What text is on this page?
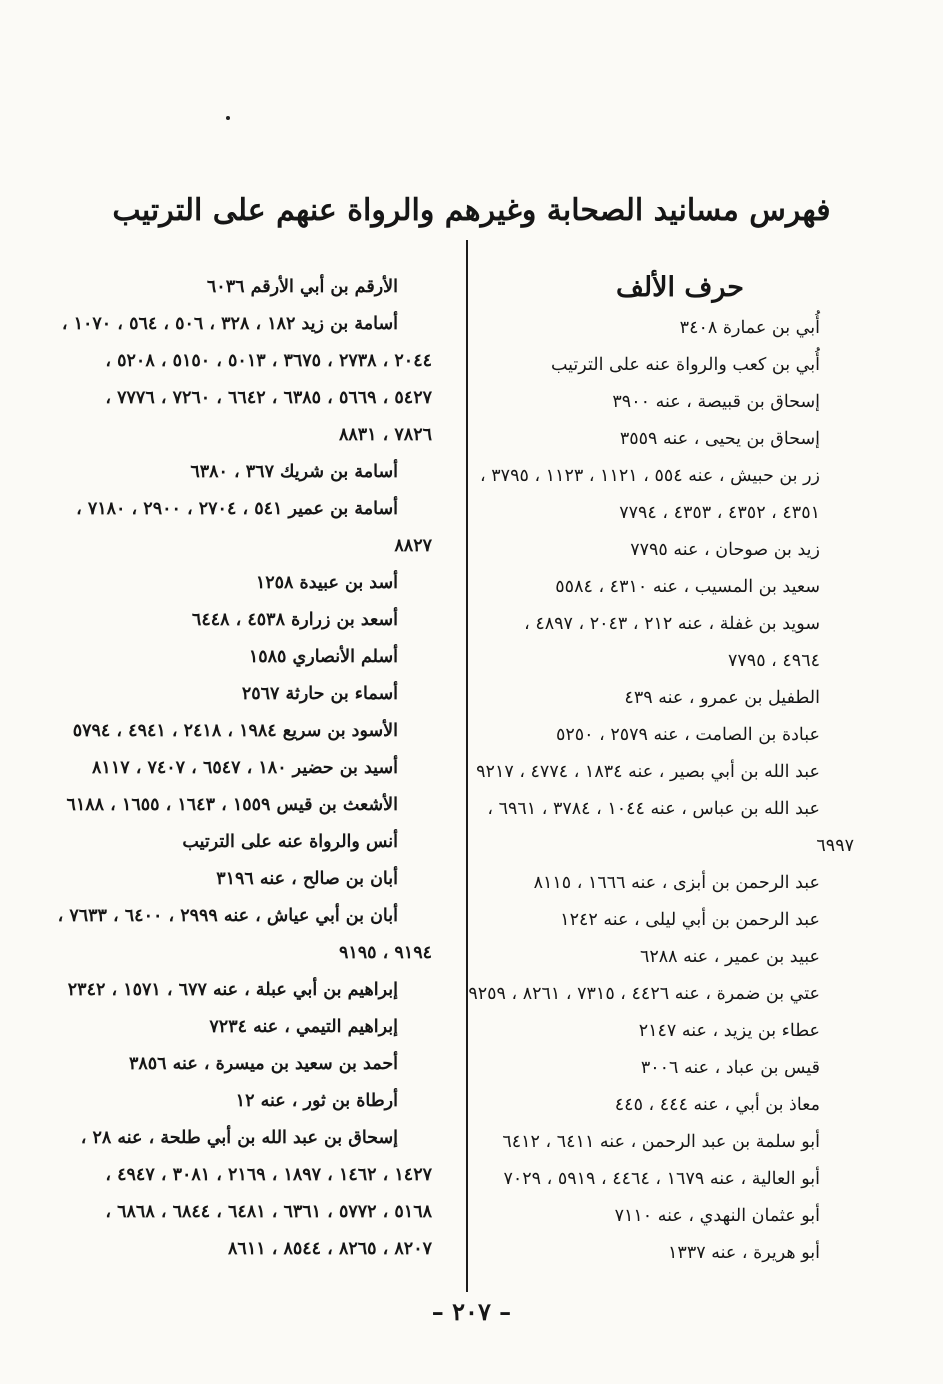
فهرس مسانيد الصحابة وغيرهم والرواة عنهم على الترتيب
حرف الألف
أُبي بن عمارة ٣٤٠٨
أُبي بن كعب والرواة عنه على الترتيب
إسحاق بن قبيصة ، عنه ٣٩٠٠
إسحاق بن يحيى ، عنه ٣٥٥٩
زر بن حبيش ، عنه ٥٥٤ ، ١١٢١ ، ١١٢٣ ، ٣٧٩٥ ،
٤٣٥١ ، ٤٣٥٢ ، ٤٣٥٣ ، ٧٧٩٤
زيد بن صوحان ، عنه ٧٧٩٥
سعيد بن المسيب ، عنه ٤٣١٠ ، ٥٥٨٤
سويد بن غفلة ، عنه ٢١٢ ، ٢٠٤٣ ، ٤٨٩٧ ،
٤٩٦٤ ، ٧٧٩٥
الطفيل بن عمرو ، عنه ٤٣٩
عبادة بن الصامت ، عنه ٢٥٧٩ ، ٥٢٥٠
عبد الله بن أبي بصير ، عنه ١٨٣٤ ، ٤٧٧٤ ، ٩٢١٧
عبد الله بن عباس ، عنه ١٠٤٤ ، ٣٧٨٤ ، ٦٩٦١ ،
٦٩٩٧
عبد الرحمن بن أبزى ، عنه ١٦٦٦ ، ٨١١٥
عبد الرحمن بن أبي ليلى ، عنه ١٢٤٢
عبيد بن عمير ، عنه ٦٢٨٨
عتي بن ضمرة ، عنه ٤٤٢٦ ، ٧٣١٥ ، ٨٢٦١ ، ٩٢٥٩
عطاء بن يزيد ، عنه ٢١٤٧
قيس بن عباد ، عنه ٣٠٠٦
معاذ بن أبي ، عنه ٤٤٤ ، ٤٤٥
أبو سلمة بن عبد الرحمن ، عنه ٦٤١١ ، ٦٤١٢
أبو العالية ، عنه ١٦٧٩ ، ٤٤٦٤ ، ٥٩١٩ ، ٧٠٢٩
أبو عثمان النهدي ، عنه ٧١١٠
أبو هريرة ، عنه ١٣٣٧
الأرقم بن أبي الأرقم ٦٠٣٦
أسامة بن زيد ١٨٢ ، ٣٢٨ ، ٥٠٦ ، ٥٦٤ ، ١٠٧٠ ،
٢٠٤٤ ، ٢٧٣٨ ، ٣٦٧٥ ، ٥٠١٣ ، ٥١٥٠ ، ٥٢٠٨ ،
٥٤٢٧ ، ٥٦٦٩ ، ٦٣٨٥ ، ٦٦٤٢ ، ٧٢٦٠ ، ٧٧٧٦ ،
٧٨٢٦ ، ٨٨٣١
أسامة بن شريك ٣٦٧ ، ٦٣٨٠
أسامة بن عمير ٥٤١ ، ٢٧٠٤ ، ٢٩٠٠ ، ٧١٨٠ ،
٨٨٢٧
أسد بن عبيدة ١٢٥٨
أسعد بن زرارة ٤٥٣٨ ، ٦٤٤٨
أسلم الأنصاري ١٥٨٥
أسماء بن حارثة ٢٥٦٧
الأسود بن سريع ١٩٨٤ ، ٢٤١٨ ، ٤٩٤١ ، ٥٧٩٤
أسيد بن حضير ١٨٠ ، ٦٥٤٧ ، ٧٤٠٧ ، ٨١١٧
الأشعث بن قيس ١٥٥٩ ، ١٦٤٣ ، ١٦٥٥ ، ٦١٨٨
أنس والرواة عنه على الترتيب
أبان بن صالح ، عنه ٣١٩٦
أبان بن أبي عياش ، عنه ٢٩٩٩ ، ٦٤٠٠ ، ٧٦٣٣ ،
٩١٩٤ ، ٩١٩٥
إبراهيم بن أبي عبلة ، عنه ٦٧٧ ، ١٥٧١ ، ٢٣٤٢
إبراهيم التيمي ، عنه ٧٢٣٤
أحمد بن سعيد بن ميسرة ، عنه ٣٨٥٦
أرطاة بن ثور ، عنه ١٢
إسحاق بن عبد الله بن أبي طلحة ، عنه ٢٨ ،
١٤٢٧ ، ١٤٦٢ ، ١٨٩٧ ، ٢١٦٩ ، ٣٠٨١ ، ٤٩٤٧ ،
٥١٦٨ ، ٥٧٧٢ ، ٦٣٦١ ، ٦٤٨١ ، ٦٨٤٤ ، ٦٨٦٨ ،
٨٢٠٧ ، ٨٢٦٥ ، ٨٥٤٤ ، ٨٦١١
– ٢٠٧ –
